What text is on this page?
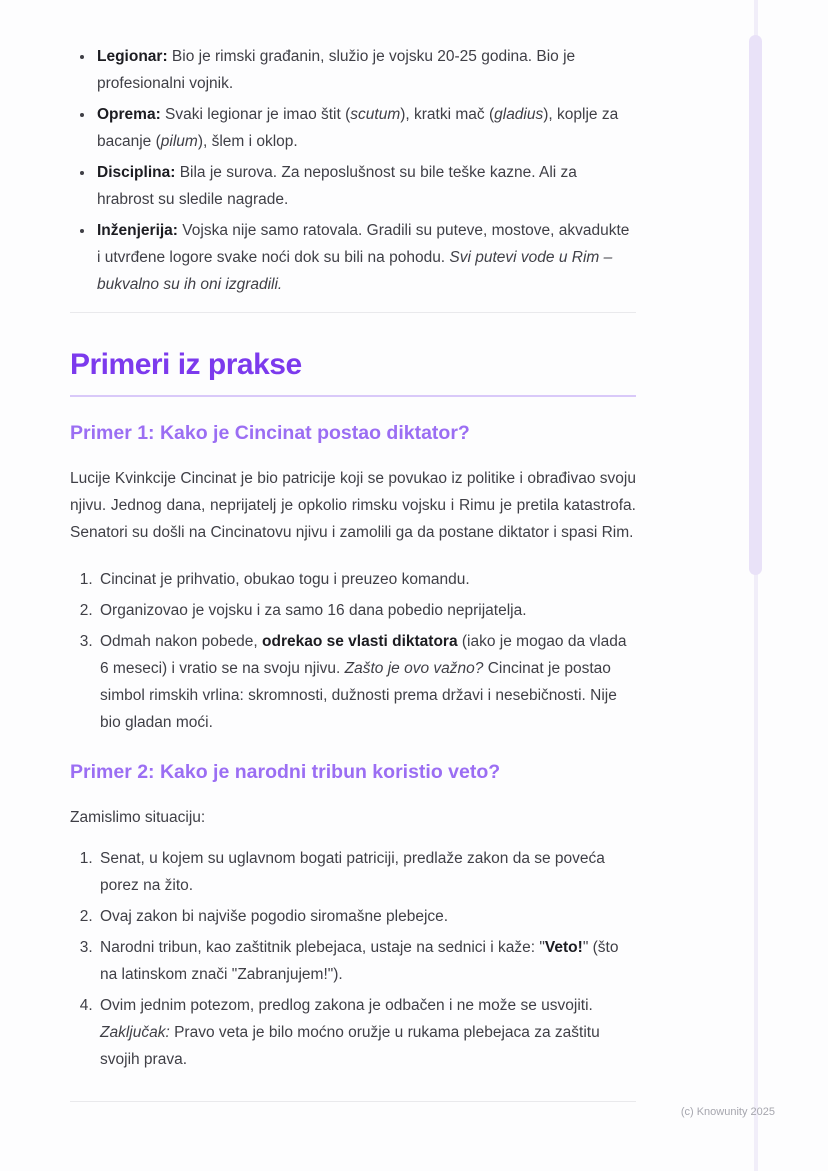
• Legionar: Bio je rimski građanin, služio je vojsku 20-25 godina. Bio je profesionalni vojnik.
• Oprema: Svaki legionar je imao štit (scutum), kratki mač (gladius), koplje za bacanje (pilum), šlem i oklop.
• Disciplina: Bila je surova. Za neposlušnost su bile teške kazne. Ali za hrabrost su sledile nagrade.
• Inženjerija: Vojska nije samo ratovala. Gradili su puteve, mostove, akvadukte i utvrđene logore svake noći dok su bili na pohodu. Svi putevi vode u Rim – bukvalno su ih oni izgradili.
Primeri iz prakse
Primer 1: Kako je Cincinat postao diktator?

Lucije Kvinkcije Cincinat je bio patricije koji se povukao iz politike i obrađivao svoju njivu. Jednog dana, neprijatelj je opkolio rimsku vojsku i Rimu je pretila katastrofa. Senatori su došli na Cincinatovu njivu i zamolili ga da postane diktator i spasi Rim.

1. Cincinat je prihvatio, obukao togu i preuzeo komandu.
2. Organizovao je vojsku i za samo 16 dana pobedio neprijatelja.
3. Odmah nakon pobede, odrekao se vlasti diktatora (iako je mogao da vlada 6 meseci) i vratio se na svoju njivu. Zašto je ovo važno? Cincinat je postao simbol rimskih vrlina: skromnosti, dužnosti prema državi i nesebičnosti. Nije bio gladan moći.
Primer 2: Kako je narodni tribun koristio veto?

Zamislimo situaciju:

1. Senat, u kojem su uglavnom bogati patriciji, predlaže zakon da se poveća porez na žito.
2. Ovaj zakon bi najviše pogodio siromašne plebejce.
3. Narodni tribun, kao zaštitnik plebejaca, ustaje na sednici i kaže: "Veto!" (što na latinskom znači "Zabranjujem!").
4. Ovim jednim potezom, predlog zakona je odbačen i ne može se usvojiti. Zaključak: Pravo veta je bilo moćno oružje u rukama plebejaca za zaštitu svojih prava.
(c) Knowunity 2025
